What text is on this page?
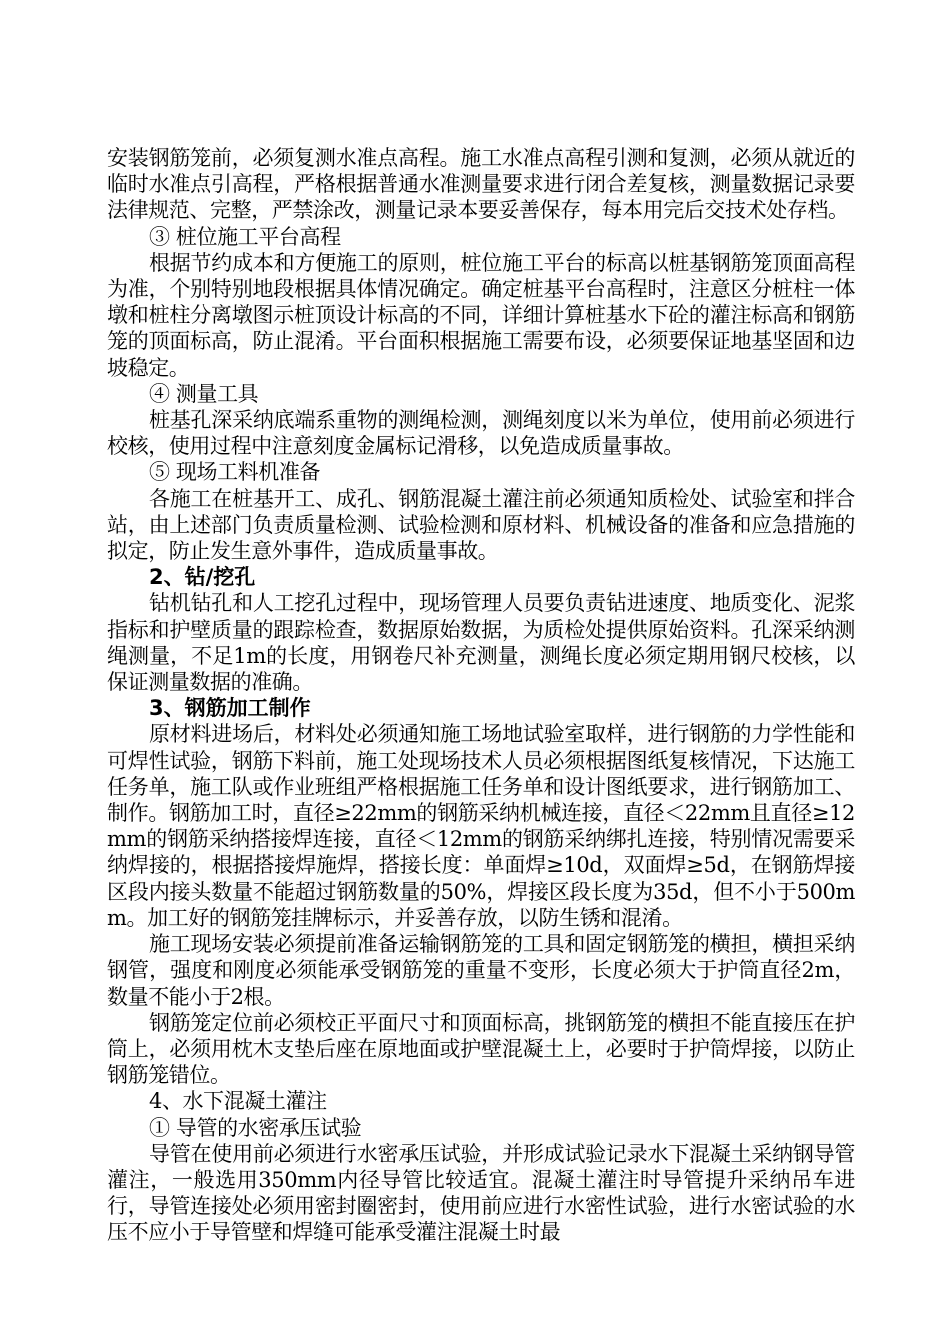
安装钢筋笼前，必须复测水准点高程。施工水准点高程引测和复测，必须从就近的临时水准点引高程，严格根据普通水准测量要求进行闭合差复核，测量数据记录要法律规范、完整，严禁涂改，测量记录本要妥善保存，每本用完后交技术处存档。

③ 桩位施工平台高程

根据节约成本和方便施工的原则，桩位施工平台的标高以桩基钢筋笼顶面高程为准，个别特别地段根据具体情况确定。确定桩基平台高程时，注意区分桩柱一体墩和桩柱分离墩图示桩顶设计标高的不同，详细计算桩基水下砼的灌注标高和钢筋笼的顶面标高，防止混淆。平台面积根据施工需要布设，必须要保证地基坚固和边坡稳定。

④ 测量工具

桩基孔深采纳底端系重物的测绳检测，测绳刻度以米为单位，使用前必须进行校核，使用过程中注意刻度金属标记滑移，以免造成质量事故。

⑤ 现场工料机准备

各施工在桩基开工、成孔、钢筋混凝土灌注前必须通知质检处、试验室和拌合站，由上述部门负责质量检测、试验检测和原材料、机械设备的准备和应急措施的拟定，防止发生意外事件，造成质量事故。

2、钻/挖孔

钻机钻孔和人工挖孔过程中，现场管理人员要负责钻进速度、地质变化、泥浆指标和护壁质量的跟踪检查，数据原始数据，为质检处提供原始资料。孔深采纳测绳测量，不足1m的长度，用钢卷尺补充测量，测绳长度必须定期用钢尺校核，以保证测量数据的准确。

3、钢筋加工制作

原材料进场后，材料处必须通知施工场地试验室取样，进行钢筋的力学性能和可焊性试验，钢筋下料前，施工处现场技术人员必须根据图纸复核情况，下达施工任务单，施工队或作业班组严格根据施工任务单和设计图纸要求，进行钢筋加工、制作。钢筋加工时，直径≥22mm的钢筋采纳机械连接，直径＜22mm且直径≥12mm的钢筋采纳搭接焊连接，直径＜12mm的钢筋采纳绑扎连接，特别情况需要采纳焊接的，根据搭接焊施焊，搭接长度：单面焊≥10d，双面焊≥5d，在钢筋焊接区段内接头数量不能超过钢筋数量的50%，焊接区段长度为35d，但不小于500mm。加工好的钢筋笼挂牌标示，并妥善存放，以防生锈和混淆。

施工现场安装必须提前准备运输钢筋笼的工具和固定钢筋笼的横担，横担采纳钢管，强度和刚度必须能承受钢筋笼的重量不变形，长度必须大于护筒直径2m，数量不能小于2根。

钢筋笼定位前必须校正平面尺寸和顶面标高，挑钢筋笼的横担不能直接压在护筒上，必须用枕木支垫后座在原地面或护壁混凝土上，必要时于护筒焊接，以防止钢筋笼错位。

4、水下混凝土灌注

① 导管的水密承压试验

导管在使用前必须进行水密承压试验，并形成试验记录水下混凝土采纳钢导管灌注，一般选用350mm内径导管比较适宜。混凝土灌注时导管提升采纳吊车进行，导管连接处必须用密封圈密封，使用前应进行水密性试验，进行水密试验的水压不应小于导管壁和焊缝可能承受灌注混凝土时最
